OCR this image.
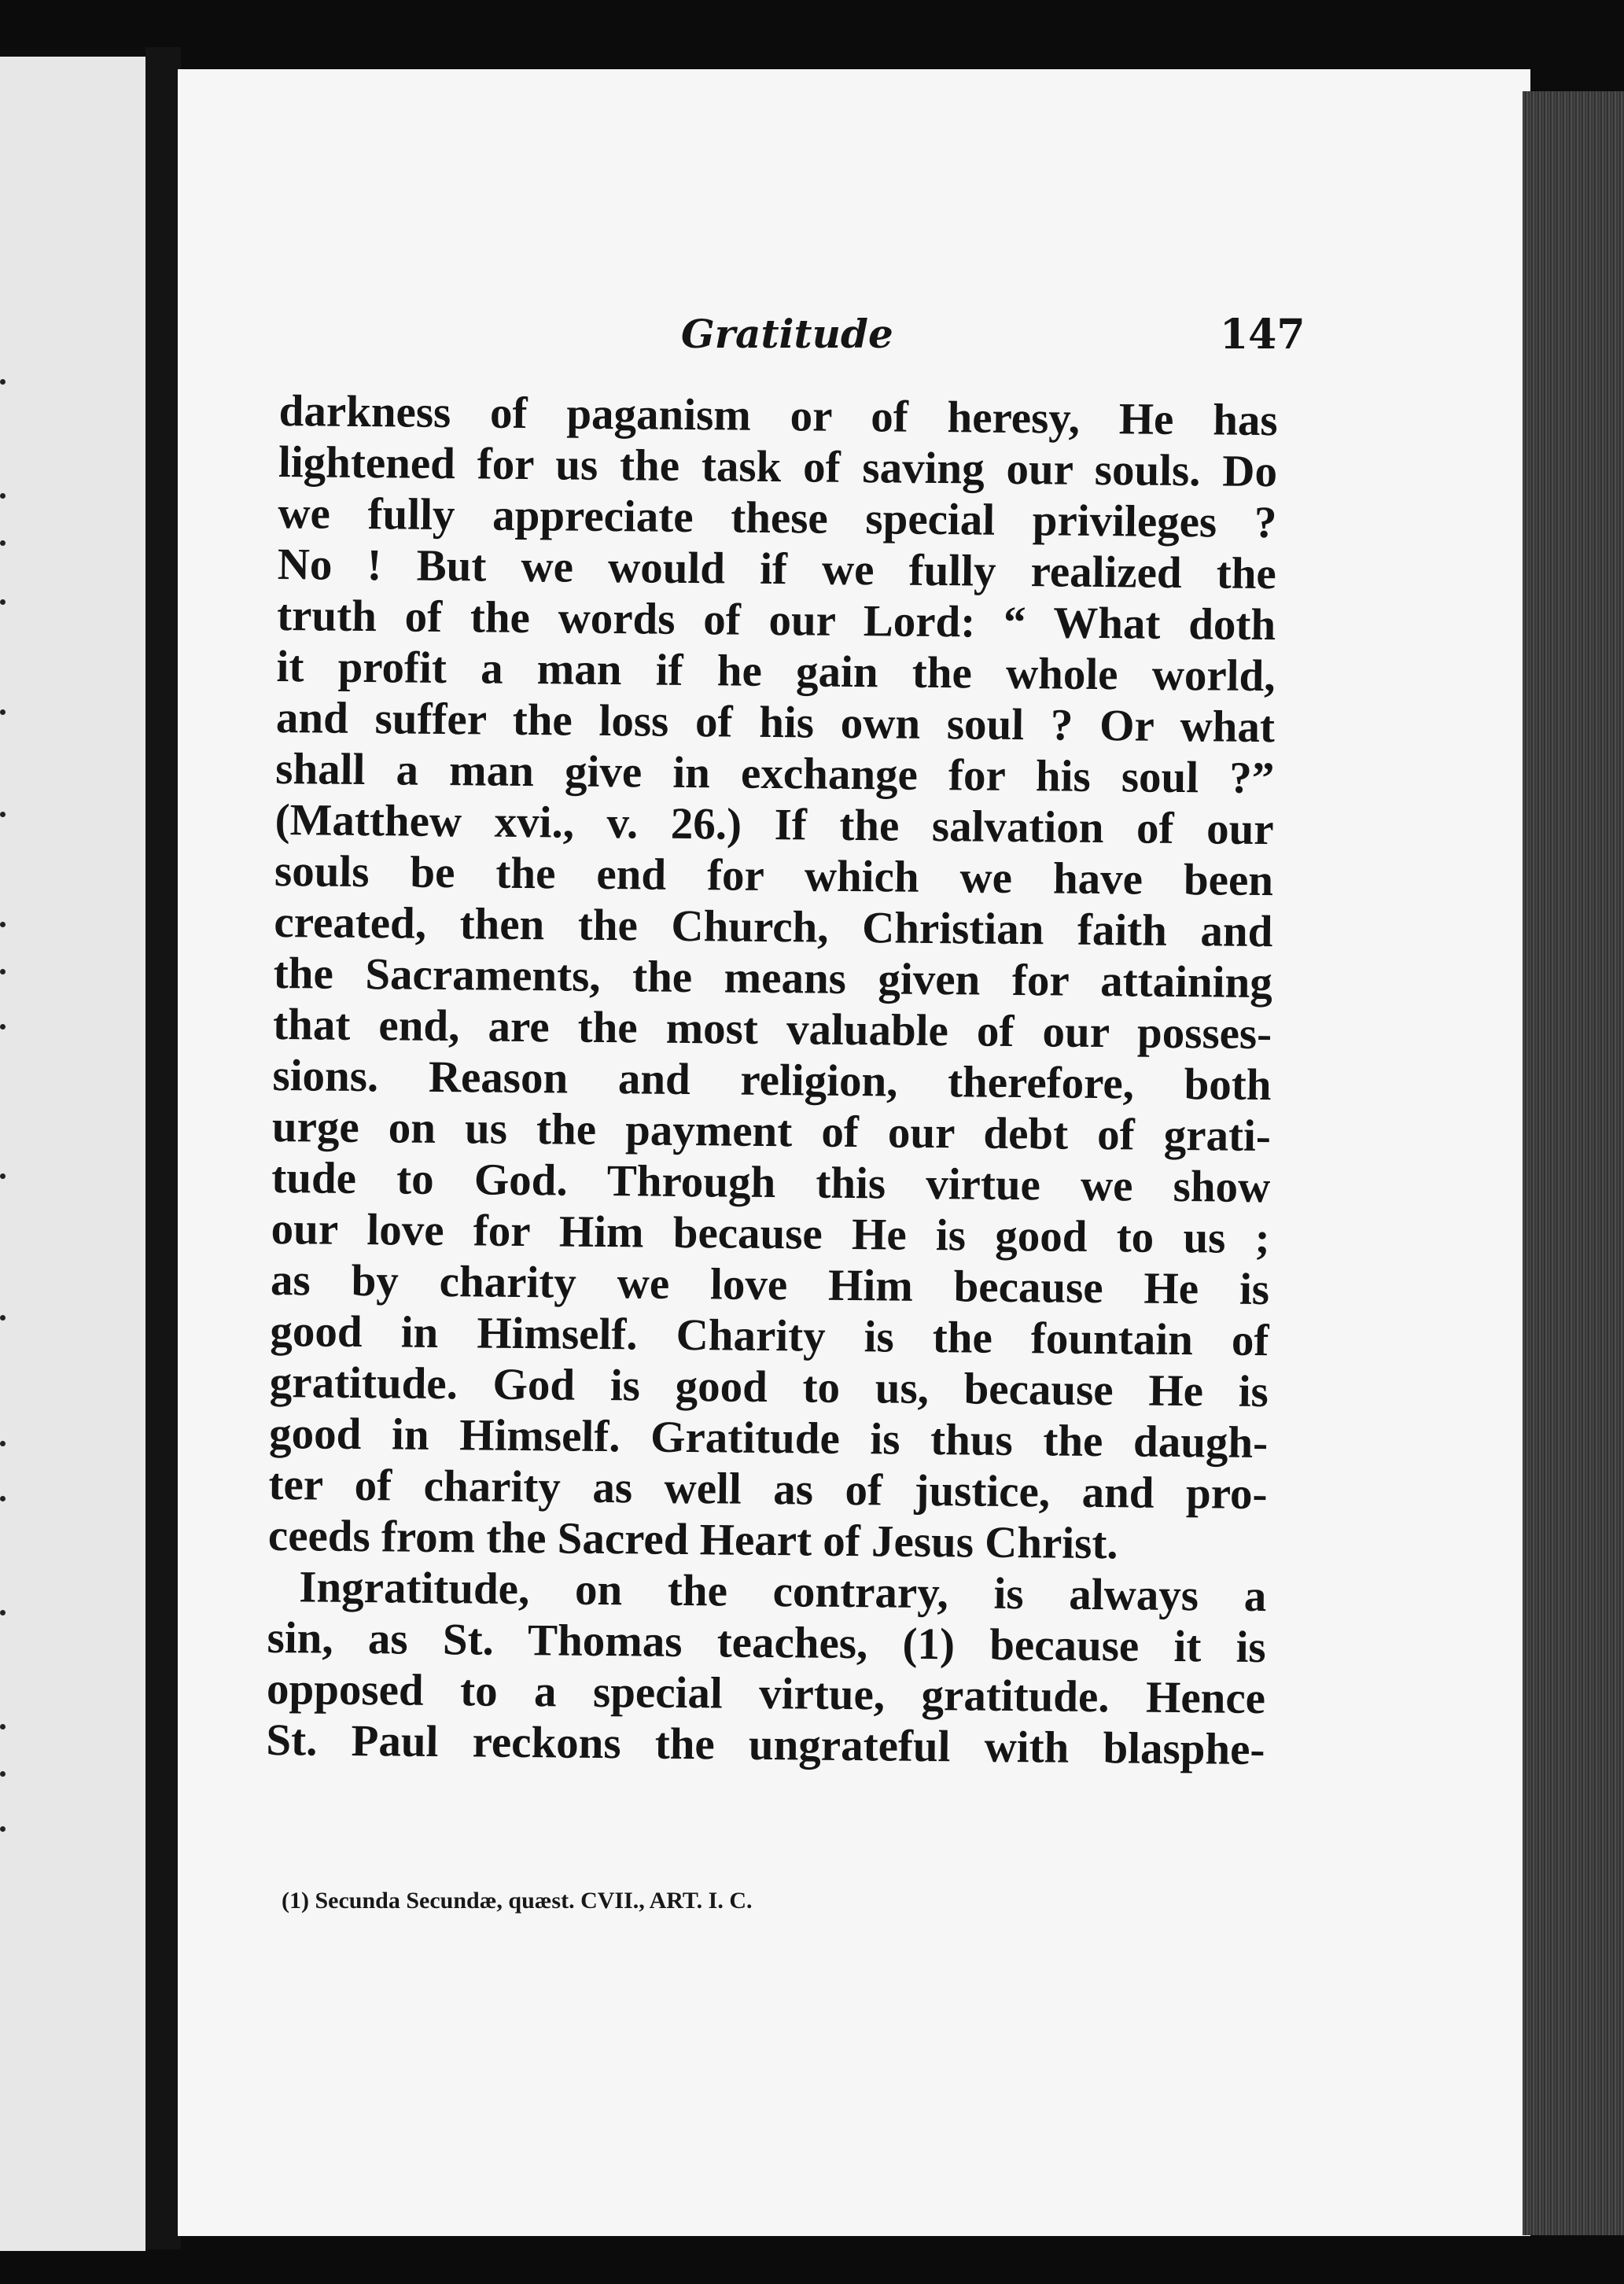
Gratitude	147
darkness of paganism or of heresy, He has
lightened for us the task of saving our souls. Do
we fully appreciate these special privileges ?
No ! But we would if we fully realized the
truth of the words of our Lord: “ What doth
it profit a man if he gain the whole world,
and suffer the loss of his own soul ? Or what
shall a man give in exchange for his soul ?”
(Matthew xvi., v. 26.) If the salvation of our
souls be the end for which we have been
created, then the Church, Christian faith and
the Sacraments, the means given for attaining
that end, are the most valuable of our posses-
sions. Reason and religion, therefore, both
urge on us the payment of our debt of grati-
tude to God. Through this virtue we show
our love for Him because He is good to us ;
as by charity we love Him because He is
good in Himself. Charity is the fountain of
gratitude. God is good to us, because He is
good in Himself. Gratitude is thus the daugh-
ter of charity as well as of justice, and pro-
ceeds from the Sacred Heart of Jesus Christ.
Ingratitude, on the contrary, is always a
sin, as St. Thomas teaches, (1) because it is
opposed to a special virtue, gratitude. Hence
St. Paul reckons the ungrateful with blasphe-
(1) Secunda Secundæ, quæst. CVII., ART. I. C.
